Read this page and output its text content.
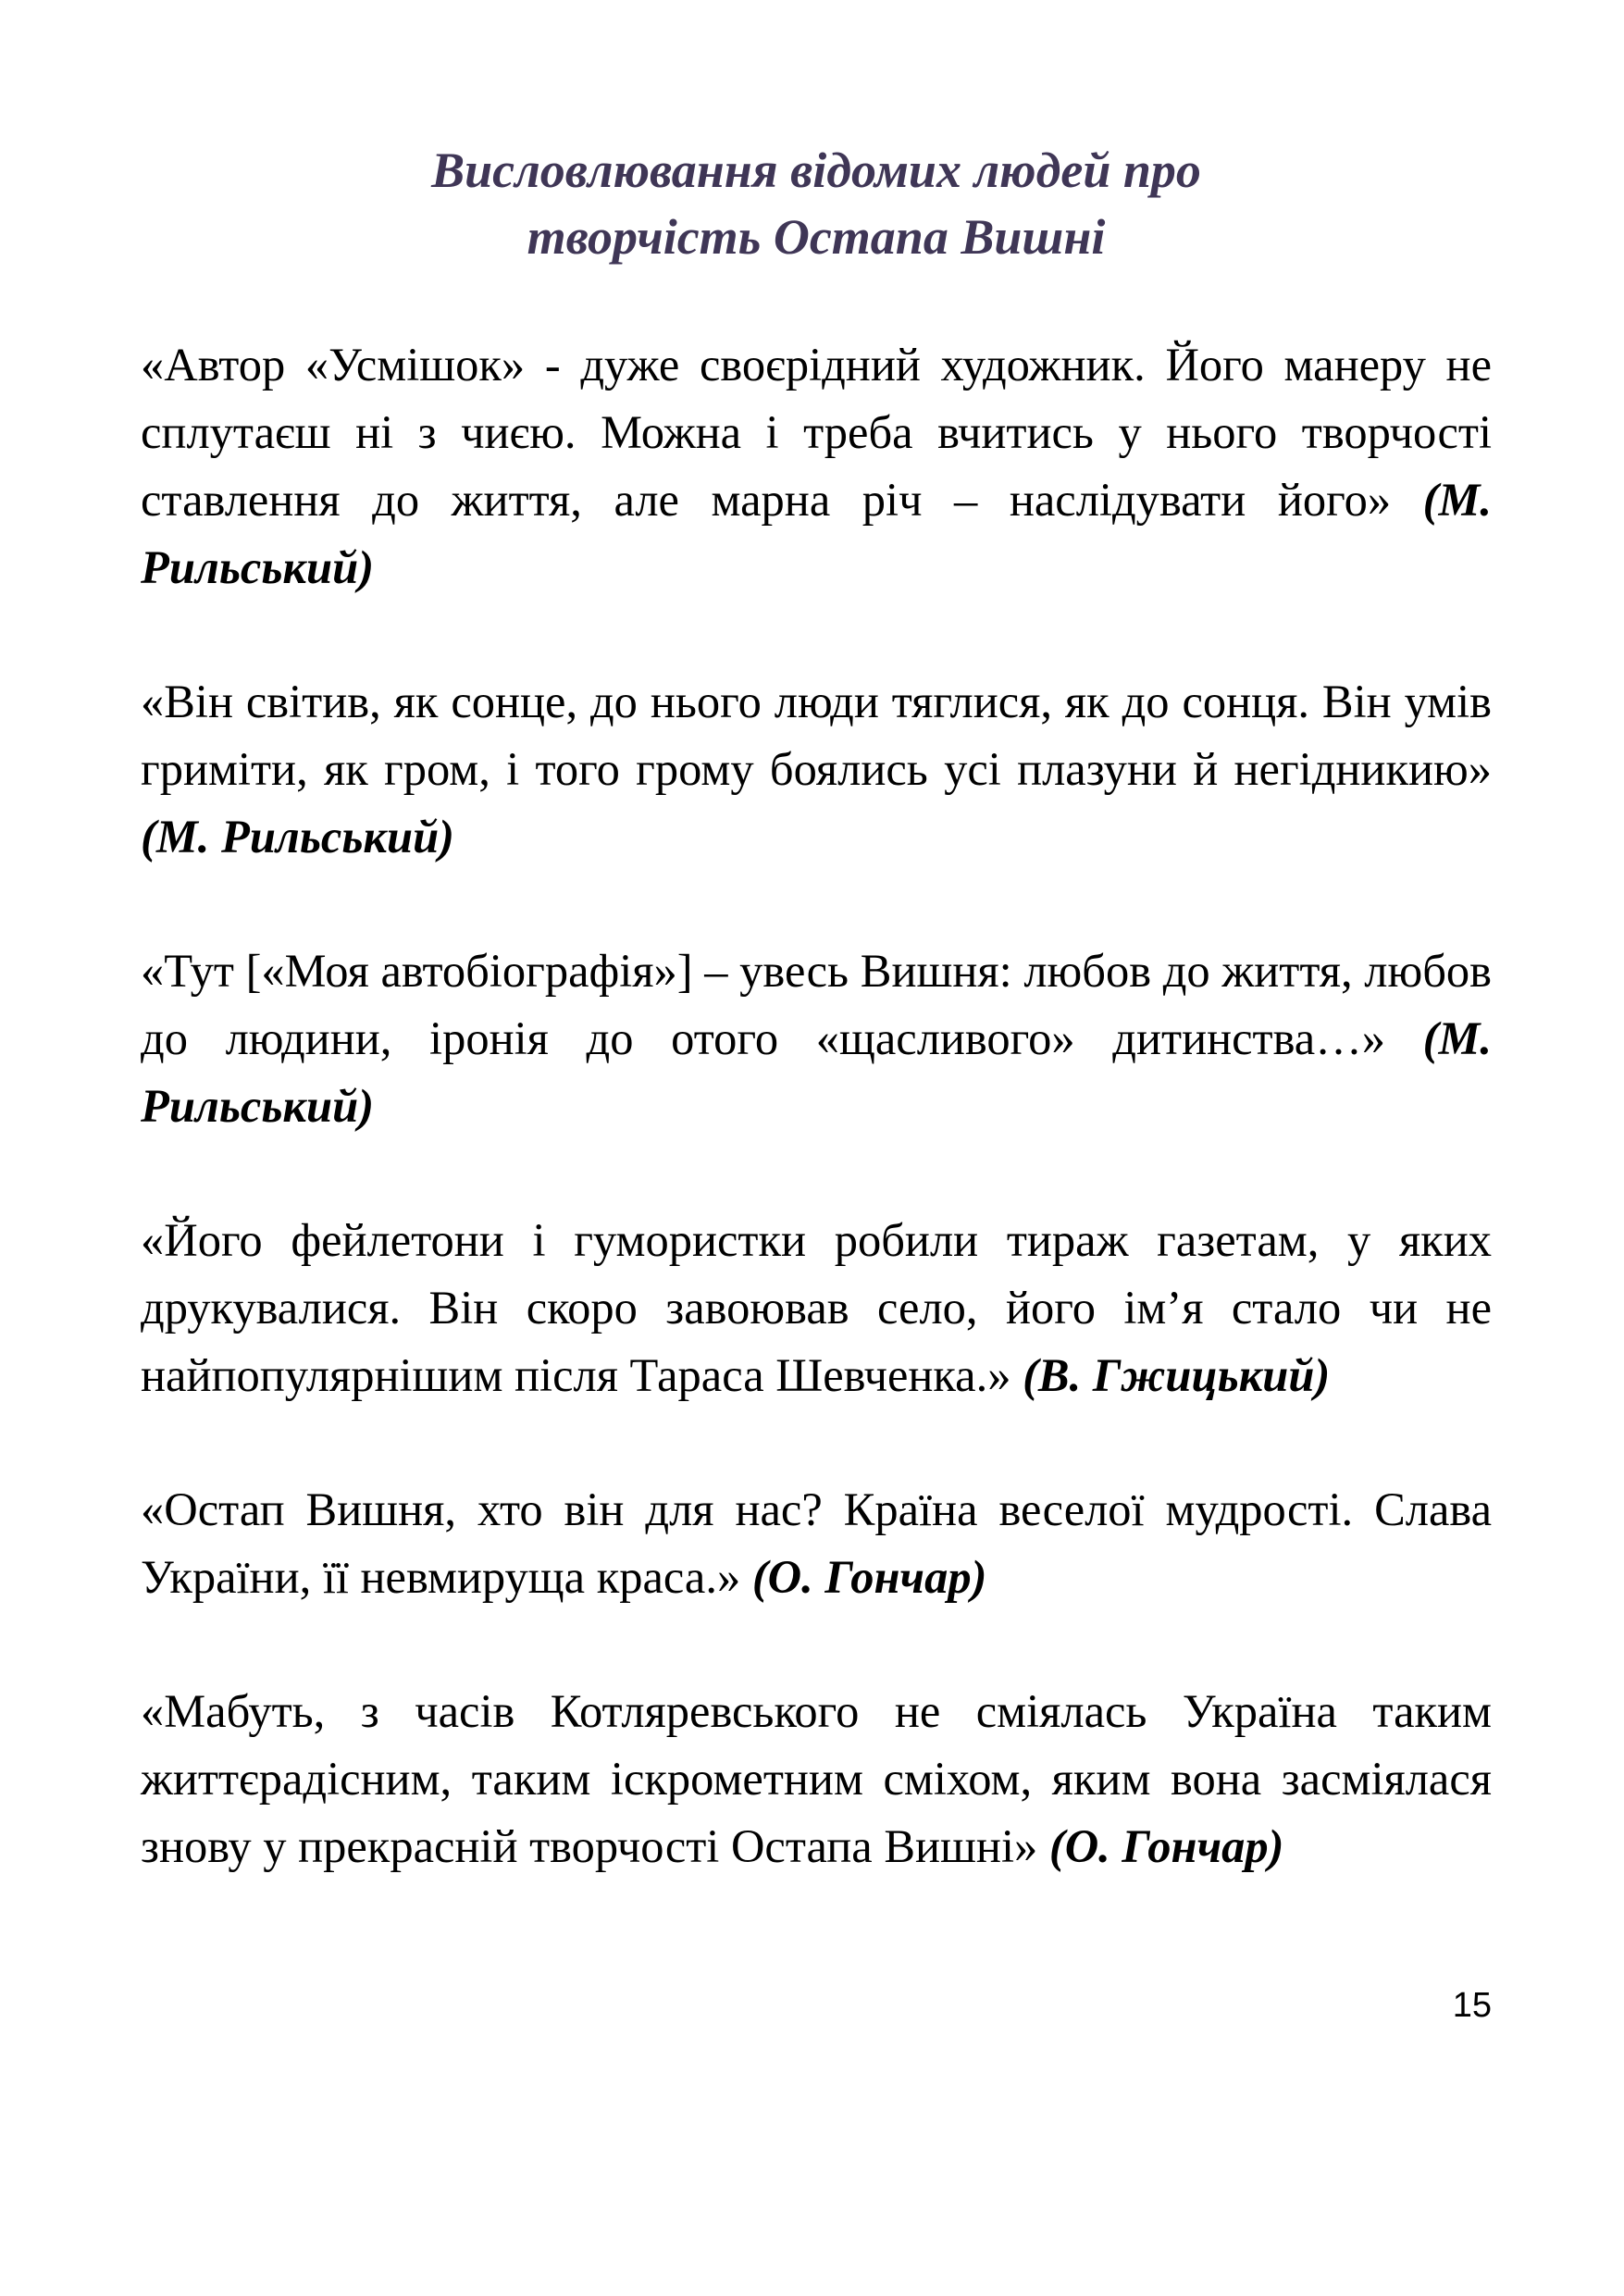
Висловлювання відомих людей про
творчість Остапа Вишні

«Автор «Усмішок» - дуже своєрідний художник. Його манеру не сплутаєш ні з чиєю. Можна і треба вчитись у нього творчості ставлення до життя, але марна річ – наслідувати його» (М. Рильський)

«Він світив, як сонце, до нього люди тяглися, як до сонця. Він умів гриміти, як гром, і того грому боялись усі плазуни й негідникию» (М. Рильський)

«Тут [«Моя автобіографія»] – увесь Вишня: любов до життя, любов до людини, іронія до отого «щасливого» дитинства…» (М. Рильський)

«Його фейлетони і гумористки робили тираж газетам, у яких друкувалися. Він скоро завоював село, його ім’я стало чи не найпопулярнішим після Тараса Шевченка.» (В. Гжицький)

«Остап Вишня, хто він для нас? Країна веселої мудрості. Слава України, її невмируща краса.» (О. Гончар)

«Мабуть, з часів Котляревського не сміялась Україна таким життєрадісним, таким іскрометним сміхом, яким вона засміялася знову у прекрасній творчості Остапа Вишні» (О. Гончар)

15
